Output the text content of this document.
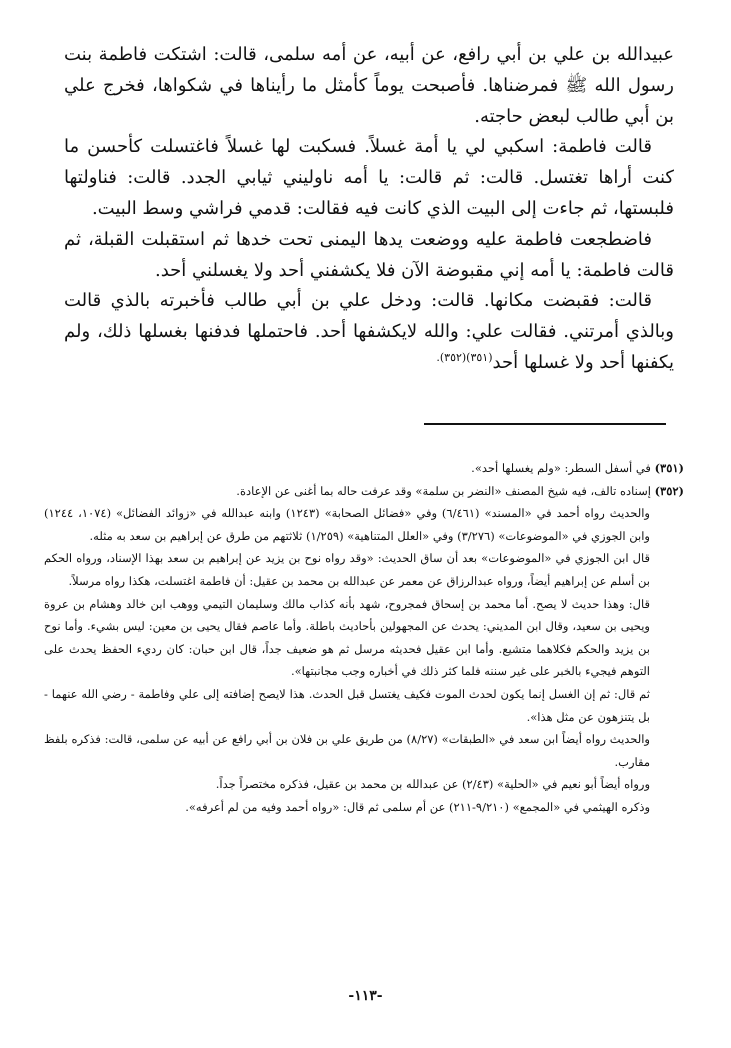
عبيدالله بن علي بن أبي رافع، عن أبيه، عن أمه سلمى، قالت: اشتكت فاطمة بنت رسول الله ﷺ فمرضناها. فأصبحت يوماً كأمثل ما رأيناها في شكواها، فخرج علي بن أبي طالب لبعض حاجته.

قالت فاطمة: اسكبي لي يا أمة غسلاً. فسكبت لها غسلاً فاغتسلت كأحسن ما كنت أراها تغتسل. قالت: ثم قالت: يا أمه ناوليني ثيابي الجدد. قالت: فناولتها فلبستها، ثم جاءت إلى البيت الذي كانت فيه فقالت: قدمي فراشي وسط البيت.

فاضطجعت فاطمة عليه ووضعت يدها اليمنى تحت خدها ثم استقبلت القبلة، ثم قالت فاطمة: يا أمه إني مقبوضة الآن فلا يكشفني أحد ولا يغسلني أحد.

قالت: فقبضت مكانها. قالت: ودخل علي بن أبي طالب فأخبرته بالذي قالت وبالذي أمرتني. فقالت علي: والله لايكشفها أحد. فاحتملها فدفنها بغسلها ذلك، ولم يكفنها أحد ولا غسلها أحد$^{(٣٥١)(٣٥٢).}$

(٣٥١) في أسفل السطر: «ولم يغسلها أحد».

(٣٥٢) إسناده تالف، فيه شيخ المصنف «النضر بن سلمة» وقد عرفت حاله بما أغنى عن الإعادة.

والحديث رواه أحمد في «المسند» (٦/٤٦١) وفي «فضائل الصحابة» (١٢٤٣) وابنه عبدالله في «زوائد الفضائل» (١٠٧٤، ١٢٤٤) وابن الجوزي في «الموضوعات» (٣/٢٧٦) وفي «العلل المتناهية» (١/٢٥٩) ثلاثتهم من طرق عن إبراهيم بن سعد به مثله.

قال ابن الجوزي في «الموضوعات» بعد أن ساق الحديث: «وقد رواه نوح بن يزيد عن إبراهيم بن سعد بهذا الإسناد، ورواه الحكم بن أسلم عن إبراهيم أيضاً، ورواه عبدالرزاق عن معمر عن عبدالله بن محمد بن عقيل: أن فاطمة اغتسلت، هكذا رواه مرسلاً.

قال: وهذا حديث لا يصح. أما محمد بن إسحاق فمجروح، شهد بأنه كذاب مالك وسليمان التيمي ووهب ابن خالد وهشام بن عروة ويحيى بن سعيد، وقال ابن المديني: يحدث عن المجهولين بأحاديث باطلة. وأما عاصم فقال يحيى بن معين: ليس بشيء. وأما نوح بن يزيد والحكم فكلاهما متشيع. وأما ابن عقيل فحديثه مرسل ثم هو ضعيف جداً، قال ابن حبان: كان رديء الحفظ يحدث على التوهم فيجيء بالخبر على غير سننه فلما كثر ذلك في أخباره وجب مجانبتها».

ثم قال: ثم إن الغسل إنما يكون لحدث الموت فكيف يغتسل قبل الحدث. هذا لايصح إضافته إلى علي وفاطمة - رضي الله عنهما - بل يتنزهون عن مثل هذا».

والحديث رواه أيضاً ابن سعد في «الطبقات» (٨/٢٧) من طريق علي بن فلان بن أبي رافع عن أبيه عن سلمى، قالت: فذكره بلفظ مقارب.

ورواه أيضاً أبو نعيم في «الحلية» (٢/٤٣) عن عبدالله بن محمد بن عقيل، فذكره مختصراً جداً.

وذكره الهيثمي في «المجمع» (٩/٢١٠-٢١١) عن أم سلمى ثم قال: «رواه أحمد وفيه من لم أعرفه».

-١١٣-
